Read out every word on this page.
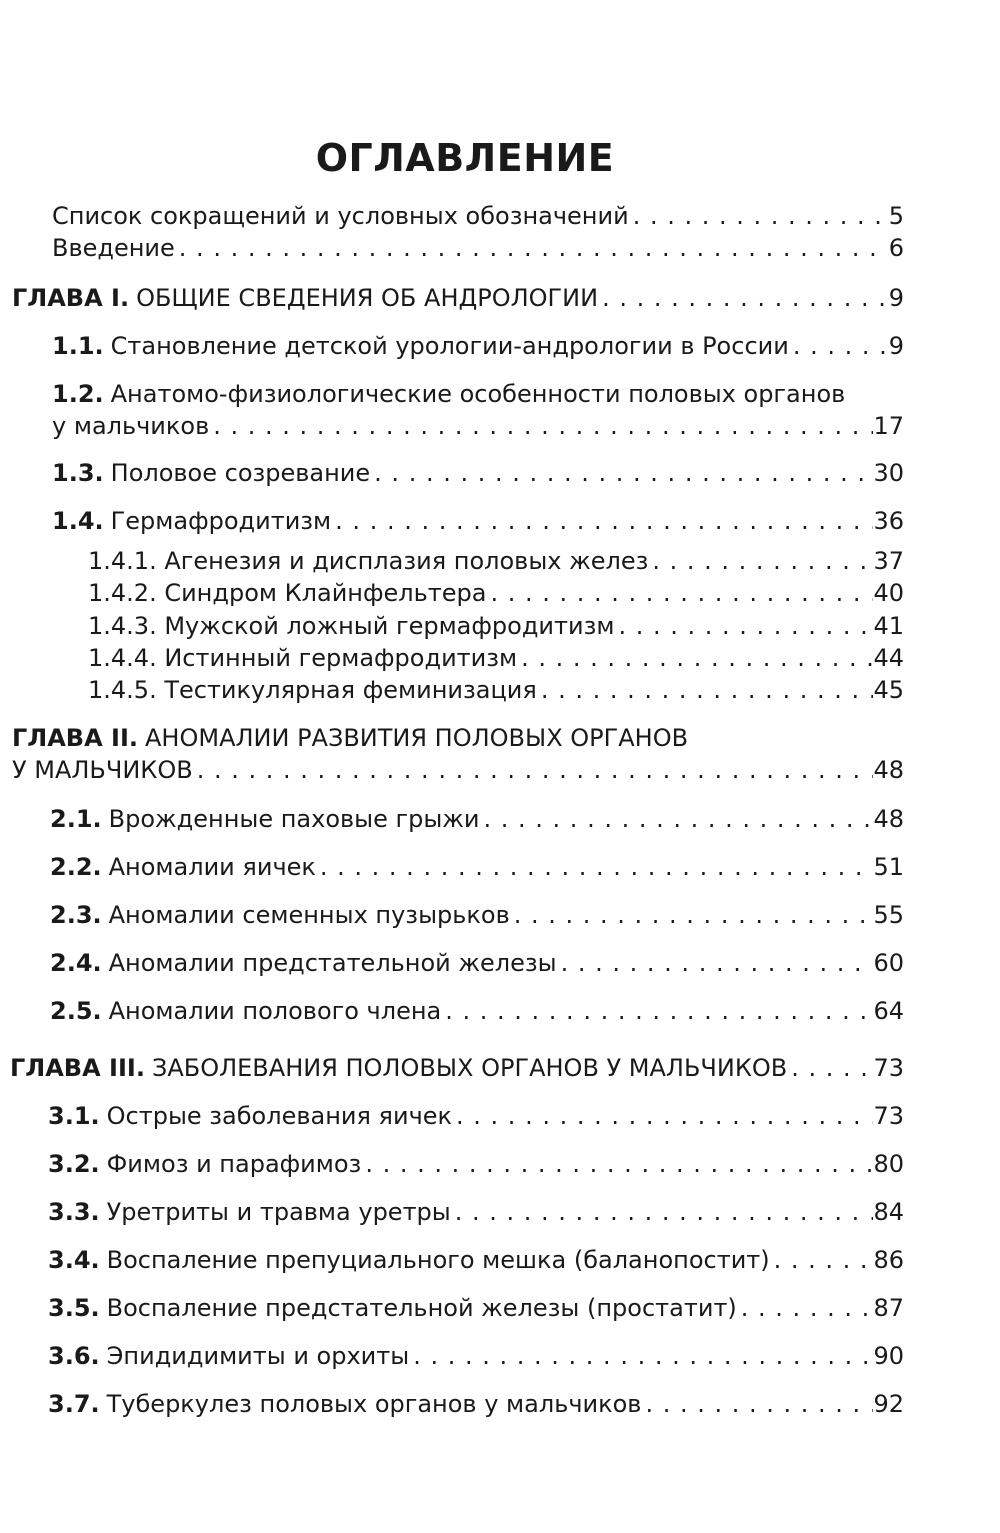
ОГЛАВЛЕНИЕ
Список сокращений и условных обозначений . . .	5
Введение . . .	6
ГЛАВА I. ОБЩИЕ СВЕДЕНИЯ ОБ АНДРОЛОГИИ . . .	9
1.1. Становление детской урологии-андрологии в России . . .	9
1.2. Анатомо-физиологические особенности половых органов
у мальчиков . . .	17
1.3. Половое созревание . . .	30
1.4. Гермафродитизм . . .	36
1.4.1. Агенезия и дисплазия половых желез . . .	37
1.4.2. Синдром Клайнфельтера . . .	40
1.4.3. Мужской ложный гермафродитизм . . .	41
1.4.4. Истинный гермафродитизм . . .	44
1.4.5. Тестикулярная феминизация . . .	45
ГЛАВА II. АНОМАЛИИ РАЗВИТИЯ ПОЛОВЫХ ОРГАНОВ
У МАЛЬЧИКОВ . . .	48
2.1. Врожденные паховые грыжи . . .	48
2.2. Аномалии яичек . . .	51
2.3. Аномалии семенных пузырьков . . .	55
2.4. Аномалии предстательной железы . . .	60
2.5. Аномалии полового члена . . .	64
ГЛАВА III. ЗАБОЛЕВАНИЯ ПОЛОВЫХ ОРГАНОВ У МАЛЬЧИКОВ . . .	73
3.1. Острые заболевания яичек . . .	73
3.2. Фимоз и парафимоз . . .	80
3.3. Уретриты и травма уретры . . .	84
3.4. Воспаление препуциального мешка (баланопостит) . . .	86
3.5. Воспаление предстательной железы (простатит) . . .	87
3.6. Эпидидимиты и орхиты . . .	90
3.7. Туберкулез половых органов у мальчиков . . .	92
